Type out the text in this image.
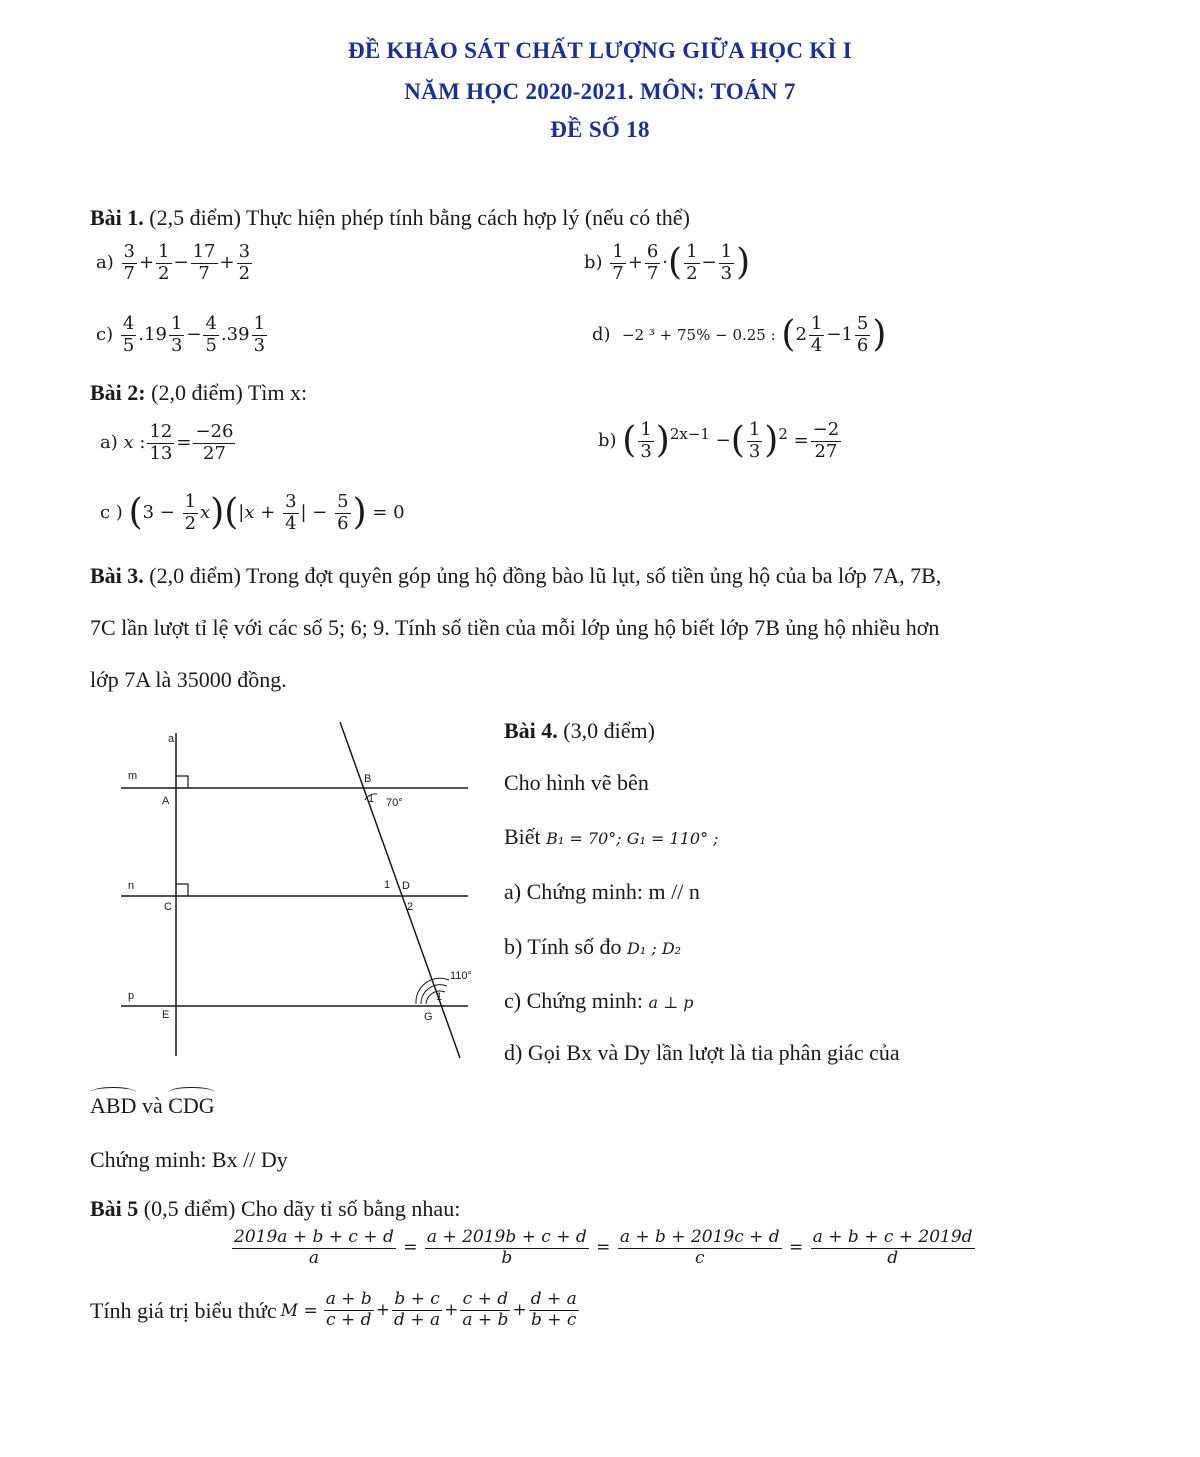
ĐỀ KHẢO SÁT CHẤT LƯỢNG GIỮA HỌC KÌ I
NĂM HỌC 2020-2021. MÔN: TOÁN 7
ĐỀ SỐ 18
Bài 1. (2,5 điểm) Thực hiện phép tính bằng cách hợp lý (nếu có thể)
$a) \frac{3}{7} + \frac{1}{2} - \frac{17}{7} + \frac{3}{2}$	$b) \frac{1}{7} + \frac{6}{7}$ ·( $\frac{1}{2} - \frac{1}{3}$ )
$c) \frac{4}{5} .19 \frac{1}{3} - \frac{4}{5} .39 \frac{1}{3}$	d) −2 ³ + 75% − 0.25 : ($2 \frac{1}{4} -1 \frac{5}{6}$ )
Bài 2: (2,0 điểm) Tìm x:
a) x : $\frac{12}{13} = \frac{-26}{27}$	b) ( $\frac{1}{3} )^{2x-1}$ −( $\frac{1}{3} )^2 = \frac{-2}{27}$
c ) $(3 - \frac{1}{2} x)(|x + \frac{3}{4}$ | − $\frac{5}{6}$ ) = 0
Bài 3. (2,0 điểm) Trong đợt quyên góp ủng hộ đồng bào lũ lụt, số tiền ủng hộ của ba lớp 7A, 7B,
7C lần lượt tỉ lệ với các số 5; 6; 9. Tính số tiền của mỗi lớp ủng hộ biết lớp 7B ủng hộ nhiều hơn
lớp 7A là 35000 đồng.
a
m
A
B
1 70°
n
C
1 D
2
110°
p
E	G
1
Bài 4. (3,0 điểm)
Cho hình vẽ bên
Biết B₁ = 70°; G₁ = 110° ;
a) Chứng minh: m // n
b) Tính số đo D₁ ; D₂
c) Chứng minh: a ⊥ p
d) Gọi Bx và Dy lần lượt là tia phân giác của
ABD và CDG
Chứng minh: Bx // Dy
Bài 5 (0,5 điểm) Cho dãy tỉ số bằng nhau:
$\frac{2019a + b + c + d}{a} = \frac{a + 2019b + c + d}{b} = \frac{a + b + 2019c + d}{c} = \frac{a + b + c + 2019d}{d}$
Tính giá trị biểu thức $M = \frac{a + b}{c + d} + \frac{b + c}{d + a} + \frac{c + d}{a + b} + \frac{d + a}{b + c}$
